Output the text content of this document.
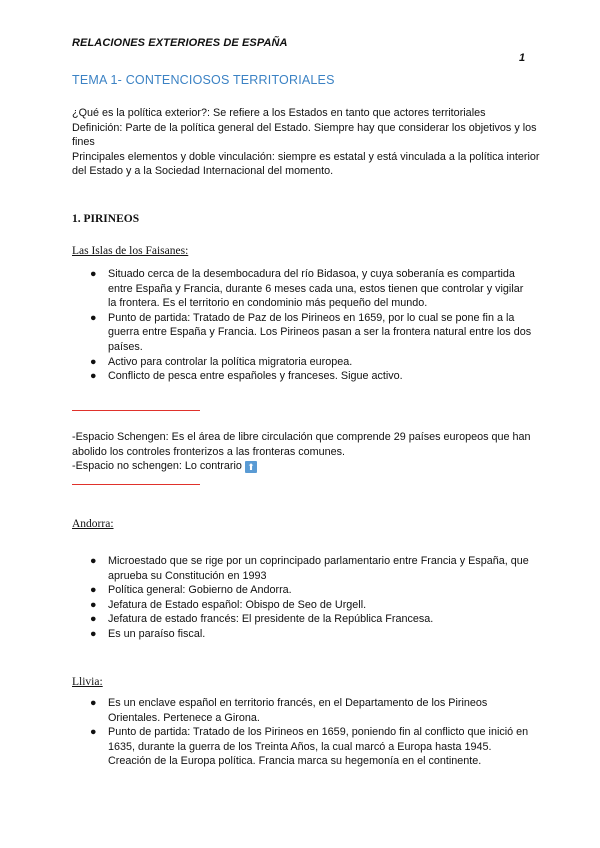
RELACIONES EXTERIORES DE ESPAÑA
1
TEMA 1- CONTENCIOSOS TERRITORIALES

¿Qué es la política exterior?: Se refiere a los Estados en tanto que actores territoriales

Definición: Parte de la política general del Estado. Siempre hay que considerar los objetivos y los fines

Principales elementos y doble vinculación: siempre es estatal y está vinculada a la política interior del Estado y a la Sociedad Internacional del momento.

1. PIRINEOS
Las Islas de los Faisanes:
● Situado cerca de la desembocadura del río Bidasoa, y cuya soberanía es compartida entre España y Francia, durante 6 meses cada una, estos tienen que controlar y vigilar la frontera. Es el territorio en condominio más pequeño del mundo.
● Punto de partida: Tratado de Paz de los Pirineos en 1659, por lo cual se pone fin a la guerra entre España y Francia. Los Pirineos pasan a ser la frontera natural entre los dos países.
● Activo para controlar la política migratoria europea.
● Conflicto de pesca entre españoles y franceses. Sigue activo.

-Espacio Schengen: Es el área de libre circulación que comprende 29 países europeos que han abolido los controles fronterizos a las fronteras comunes.

-Espacio no schengen: Lo contrario ⬆

Andorra:
● Microestado que se rige por un coprincipado parlamentario entre Francia y España, que aprueba su Constitución en 1993
● Política general: Gobierno de Andorra.
● Jefatura de Estado español: Obispo de Seo de Urgell.
● Jefatura de estado francés: El presidente de la República Francesa.
● Es un paraíso fiscal.
Llivia:
● Es un enclave español en territorio francés, en el Departamento de los Pirineos Orientales. Pertenece a Girona.
● Punto de partida: Tratado de los Pirineos en 1659, poniendo fin al conflicto que inició en 1635, durante la guerra de los Treinta Años, la cual marcó a Europa hasta 1945. Creación de la Europa política. Francia marca su hegemonía en el continente.
